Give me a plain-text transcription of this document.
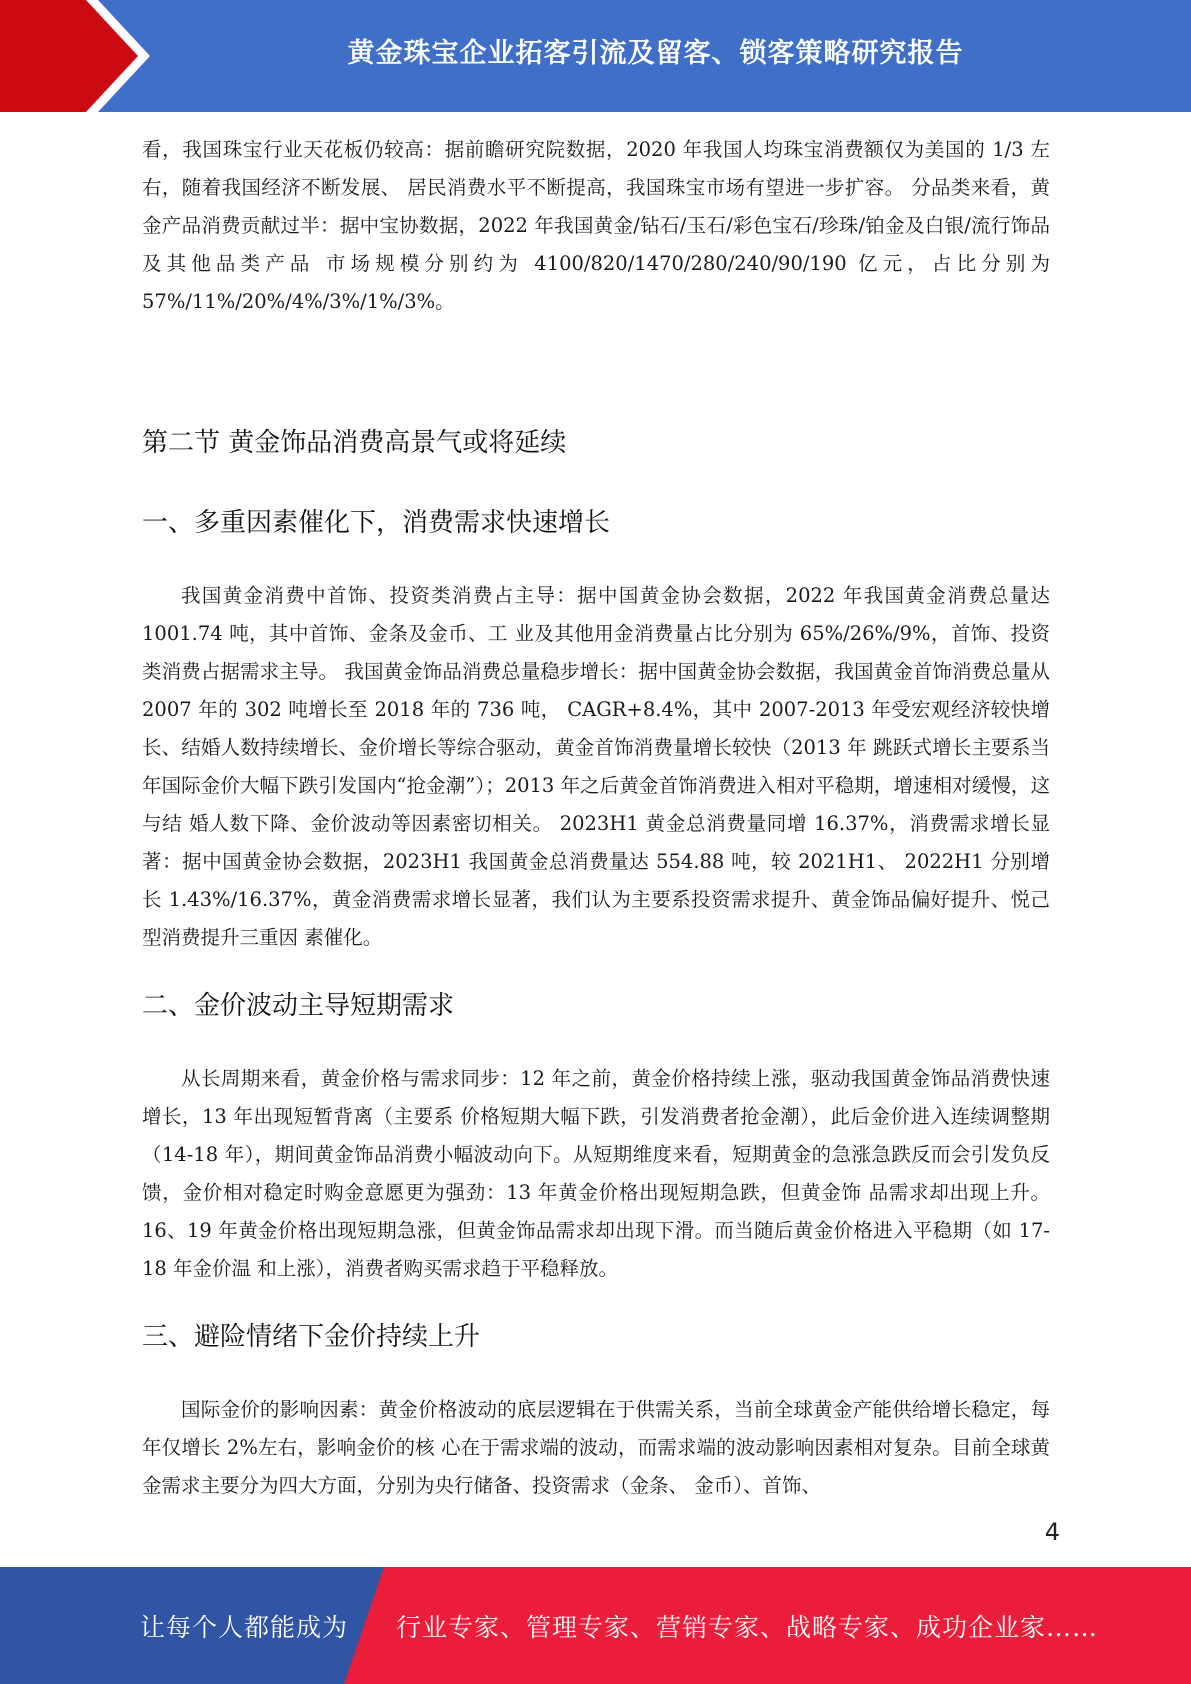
黄金珠宝企业拓客引流及留客、锁客策略研究报告

看，我国珠宝行业天花板仍较高：据前瞻研究院数据，2020 年我国人均珠宝消费额仅为美国的 1/3 左右，随着我国经济不断发展、 居民消费水平不断提高，我国珠宝市场有望进一步扩容。 分品类来看，黄金产品消费贡献过半：据中宝协数据，2022 年我国黄金/钻石/玉石/彩色宝石/珍珠/铂金及白银/流行饰品及其他品类产品 市场规模分别约为 4100/820/1470/280/240/90/190 亿元，占比分别为 57%/11%/20%/4%/3%/1%/3%。

第二节 黄金饰品消费高景气或将延续
一、多重因素催化下，消费需求快速增长

我国黄金消费中首饰、投资类消费占主导：据中国黄金协会数据，2022 年我国黄金消费总量达 1001.74 吨，其中首饰、金条及金币、工 业及其他用金消费量占比分别为 65%/26%/9%，首饰、投资类消费占据需求主导。 我国黄金饰品消费总量稳步增长：据中国黄金协会数据，我国黄金首饰消费总量从 2007 年的 302 吨增长至 2018 年的 736 吨， CAGR+8.4%，其中 2007-2013 年受宏观经济较快增长、结婚人数持续增长、金价增长等综合驱动，黄金首饰消费量增长较快（2013 年 跳跃式增长主要系当年国际金价大幅下跌引发国内“抢金潮”）；2013 年之后黄金首饰消费进入相对平稳期，增速相对缓慢，这与结 婚人数下降、金价波动等因素密切相关。 2023H1 黄金总消费量同增 16.37%，消费需求增长显著：据中国黄金协会数据，2023H1 我国黄金总消费量达 554.88 吨，较 2021H1、 2022H1 分别增长 1.43%/16.37%，黄金消费需求增长显著，我们认为主要系投资需求提升、黄金饰品偏好提升、悦己型消费提升三重因 素催化。

二、金价波动主导短期需求

从长周期来看，黄金价格与需求同步：12 年之前，黄金价格持续上涨，驱动我国黄金饰品消费快速增长，13 年出现短暂背离（主要系 价格短期大幅下跌，引发消费者抢金潮），此后金价进入连续调整期（14-18 年），期间黄金饰品消费小幅波动向下。从短期维度来看，短期黄金的急涨急跌反而会引发负反馈，金价相对稳定时购金意愿更为强劲：13 年黄金价格出现短期急跌，但黄金饰 品需求却出现上升。16、19 年黄金价格出现短期急涨，但黄金饰品需求却出现下滑。而当随后黄金价格进入平稳期（如 17-18 年金价温 和上涨），消费者购买需求趋于平稳释放。

三、避险情绪下金价持续上升

国际金价的影响因素：黄金价格波动的底层逻辑在于供需关系，当前全球黄金产能供给增长稳定，每年仅增长 2%左右，影响金价的核 心在于需求端的波动，而需求端的波动影响因素相对复杂。目前全球黄金需求主要分为四大方面，分别为央行储备、投资需求（金条、 金币）、首饰、

4
让每个人都能成为 行业专家、管理专家、营销专家、战略专家、成功企业家……
